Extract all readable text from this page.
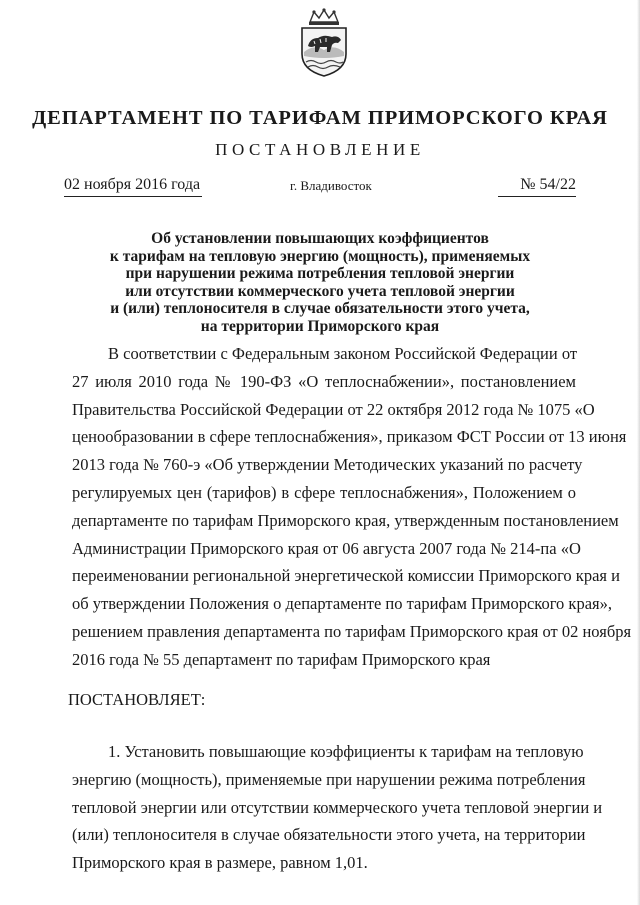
ДЕПАРТАМЕНТ ПО ТАРИФАМ ПРИМОРСКОГО КРАЯ
ПОСТАНОВЛЕНИЕ
02 ноября 2016 года	г. Владивосток	№ 54/22
Об установлении повышающих коэффициентов
к тарифам на тепловую энергию (мощность), применяемых
при нарушении режима потребления тепловой энергии
или отсутствии коммерческого учета тепловой энергии
и (или) теплоносителя в случае обязательности этого учета,
на территории Приморского края
В соответствии с Федеральным законом Российской Федерации от
27 июля 2010 года № 190-ФЗ «О теплоснабжении», постановлением
Правительства Российской Федерации от 22 октября 2012 года № 1075 «О
ценообразовании в сфере теплоснабжения», приказом ФСТ России от 13 июня
2013 года № 760-э «Об утверждении Методических указаний по расчету
регулируемых цен (тарифов) в сфере теплоснабжения», Положением о
департаменте по тарифам Приморского края, утвержденным постановлением
Администрации Приморского края от 06 августа 2007 года № 214-па «О
переименовании региональной энергетической комиссии Приморского края и
об утверждении Положения о департаменте по тарифам Приморского края»,
решением правления департамента по тарифам Приморского края от 02 ноября
2016 года № 55 департамент по тарифам Приморского края
ПОСТАНОВЛЯЕТ:
1. Установить повышающие коэффициенты к тарифам на тепловую
энергию (мощность), применяемые при нарушении режима потребления
тепловой энергии или отсутствии коммерческого учета тепловой энергии и
(или) теплоносителя в случае обязательности этого учета, на территории
Приморского края в размере, равном 1,01.
